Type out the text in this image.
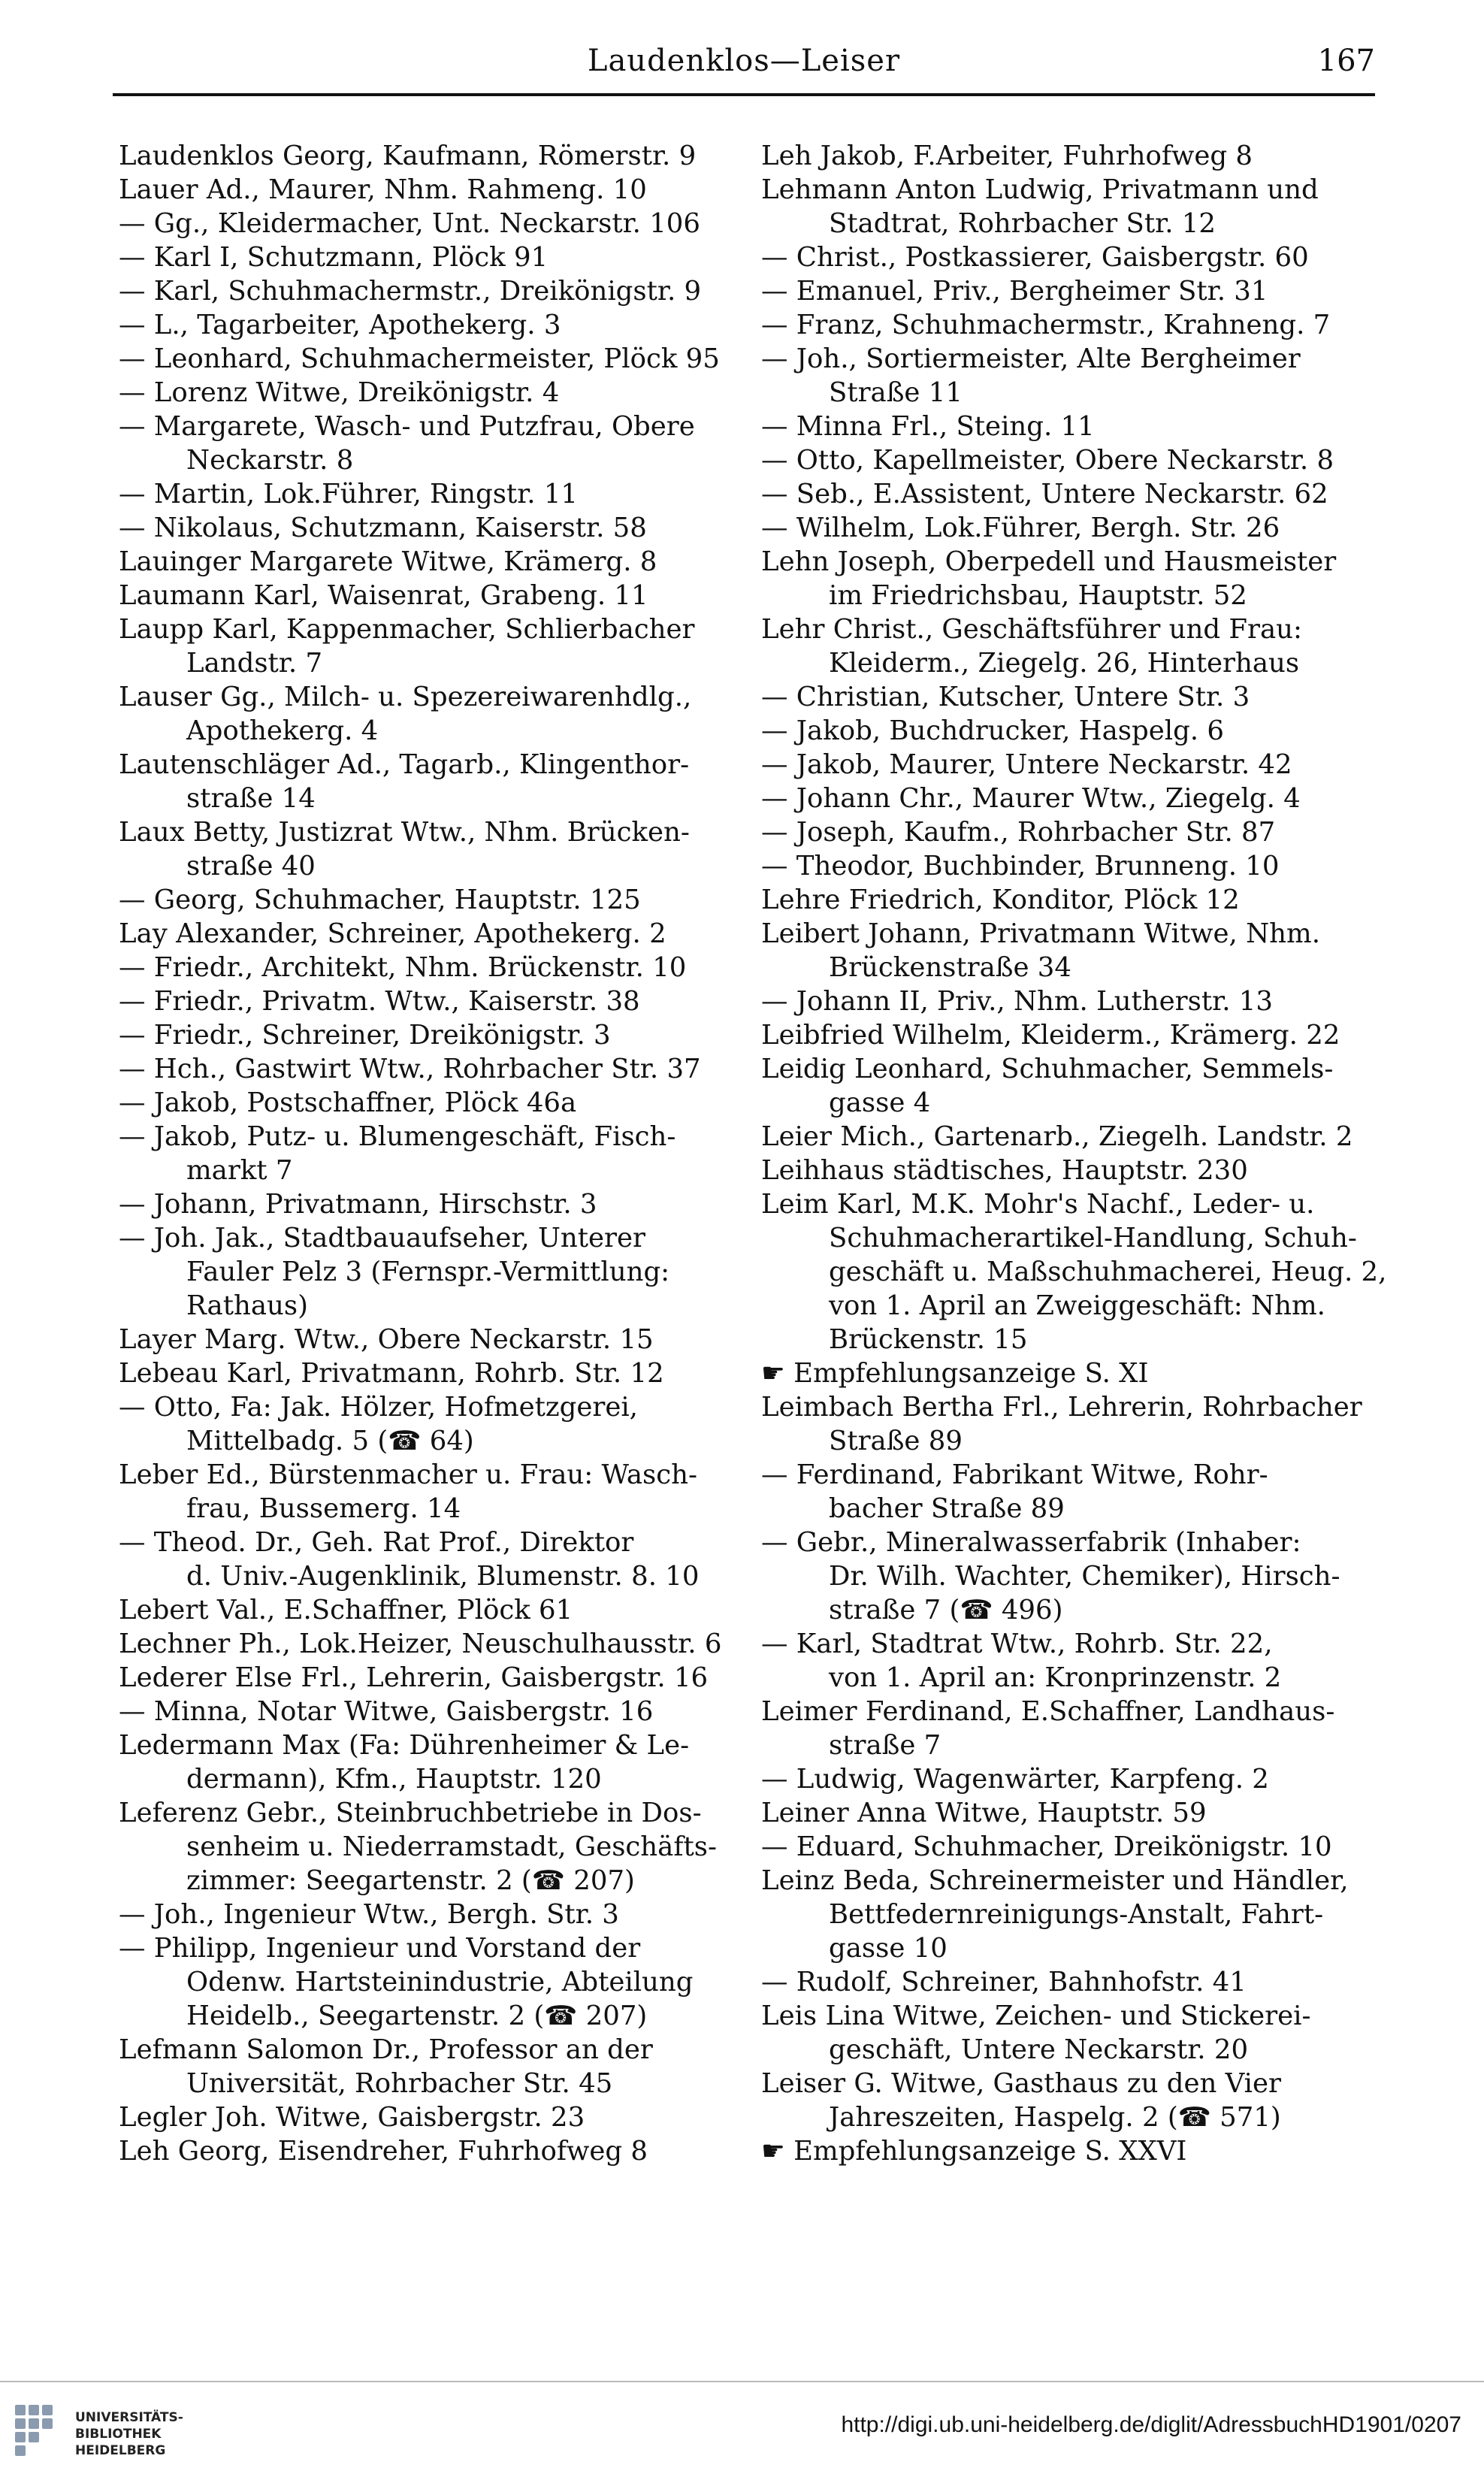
Laudenklos—Leiser	167
Laudenklos Georg, Kaufmann, Römerstr. 9
Lauer Ad., Maurer, Nhm. Rahmeng. 10
— Gg., Kleidermacher, Unt. Neckarstr. 106
— Karl I, Schutzmann, Plöck 91
— Karl, Schuhmachermstr., Dreikönigstr. 9
— L., Tagarbeiter, Apothekerg. 3
— Leonhard, Schuhmachermeister, Plöck 95
— Lorenz Witwe, Dreikönigstr. 4
— Margarete, Wasch- und Putzfrau, Obere
Neckarstr. 8
— Martin, Lok.Führer, Ringstr. 11
— Nikolaus, Schutzmann, Kaiserstr. 58
Lauinger Margarete Witwe, Krämerg. 8
Laumann Karl, Waisenrat, Grabeng. 11
Laupp Karl, Kappenmacher, Schlierbacher
Landstr. 7
Lauser Gg., Milch- u. Spezereiwarenhdlg.,
Apothekerg. 4
Lautenschläger Ad., Tagarb., Klingenthor-
straße 14
Laux Betty, Justizrat Wtw., Nhm. Brücken-
straße 40
— Georg, Schuhmacher, Hauptstr. 125
Lay Alexander, Schreiner, Apothekerg. 2
— Friedr., Architekt, Nhm. Brückenstr. 10
— Friedr., Privatm. Wtw., Kaiserstr. 38
— Friedr., Schreiner, Dreikönigstr. 3
— Hch., Gastwirt Wtw., Rohrbacher Str. 37
— Jakob, Postschaffner, Plöck 46a
— Jakob, Putz- u. Blumengeschäft, Fisch-
markt 7
— Johann, Privatmann, Hirschstr. 3
— Joh. Jak., Stadtbauaufseher, Unterer
Fauler Pelz 3 (Fernspr.-Vermittlung:
Rathaus)
Layer Marg. Wtw., Obere Neckarstr. 15
Lebeau Karl, Privatmann, Rohrb. Str. 12
— Otto, Fa: Jak. Hölzer, Hofmetzgerei,
Mittelbadg. 5 (☎ 64)
Leber Ed., Bürstenmacher u. Frau: Wasch-
frau, Bussemerg. 14
— Theod. Dr., Geh. Rat Prof., Direktor
d. Univ.-Augenklinik, Blumenstr. 8. 10
Lebert Val., E.Schaffner, Plöck 61
Lechner Ph., Lok.Heizer, Neuschulhausstr. 6
Lederer Else Frl., Lehrerin, Gaisbergstr. 16
— Minna, Notar Witwe, Gaisbergstr. 16
Ledermann Max (Fa: Dührenheimer & Le-
dermann), Kfm., Hauptstr. 120
Leferenz Gebr., Steinbruchbetriebe in Dos-
senheim u. Niederramstadt, Geschäfts-
zimmer: Seegartenstr. 2 (☎ 207)
— Joh., Ingenieur Wtw., Bergh. Str. 3
— Philipp, Ingenieur und Vorstand der
Odenw. Hartsteinindustrie, Abteilung
Heidelb., Seegartenstr. 2 (☎ 207)
Lefmann Salomon Dr., Professor an der
Universität, Rohrbacher Str. 45
Legler Joh. Witwe, Gaisbergstr. 23
Leh Georg, Eisendreher, Fuhrhofweg 8
Leh Jakob, F.Arbeiter, Fuhrhofweg 8
Lehmann Anton Ludwig, Privatmann und
Stadtrat, Rohrbacher Str. 12
— Christ., Postkassierer, Gaisbergstr. 60
— Emanuel, Priv., Bergheimer Str. 31
— Franz, Schuhmachermstr., Krahneng. 7
— Joh., Sortiermeister, Alte Bergheimer
Straße 11
— Minna Frl., Steing. 11
— Otto, Kapellmeister, Obere Neckarstr. 8
— Seb., E.Assistent, Untere Neckarstr. 62
— Wilhelm, Lok.Führer, Bergh. Str. 26
Lehn Joseph, Oberpedell und Hausmeister
im Friedrichsbau, Hauptstr. 52
Lehr Christ., Geschäftsführer und Frau:
Kleiderm., Ziegelg. 26, Hinterhaus
— Christian, Kutscher, Untere Str. 3
— Jakob, Buchdrucker, Haspelg. 6
— Jakob, Maurer, Untere Neckarstr. 42
— Johann Chr., Maurer Wtw., Ziegelg. 4
— Joseph, Kaufm., Rohrbacher Str. 87
— Theodor, Buchbinder, Brunneng. 10
Lehre Friedrich, Konditor, Plöck 12
Leibert Johann, Privatmann Witwe, Nhm.
Brückenstraße 34
— Johann II, Priv., Nhm. Lutherstr. 13
Leibfried Wilhelm, Kleiderm., Krämerg. 22
Leidig Leonhard, Schuhmacher, Semmels-
gasse 4
Leier Mich., Gartenarb., Ziegelh. Landstr. 2
Leihhaus städtisches, Hauptstr. 230
Leim Karl, M.K. Mohr's Nachf., Leder- u.
Schuhmacherartikel-Handlung, Schuh-
geschäft u. Maßschuhmacherei, Heug. 2,
von 1. April an Zweiggeschäft: Nhm.
Brückenstr. 15
☛ Empfehlungsanzeige S. XI
Leimbach Bertha Frl., Lehrerin, Rohrbacher
Straße 89
— Ferdinand, Fabrikant Witwe, Rohr-
bacher Straße 89
— Gebr., Mineralwasserfabrik (Inhaber:
Dr. Wilh. Wachter, Chemiker), Hirsch-
straße 7 (☎ 496)
— Karl, Stadtrat Wtw., Rohrb. Str. 22,
von 1. April an: Kronprinzenstr. 2
Leimer Ferdinand, E.Schaffner, Landhaus-
straße 7
— Ludwig, Wagenwärter, Karpfeng. 2
Leiner Anna Witwe, Hauptstr. 59
— Eduard, Schuhmacher, Dreikönigstr. 10
Leinz Beda, Schreinermeister und Händler,
Bettfedernreinigungs-Anstalt, Fahrt-
gasse 10
— Rudolf, Schreiner, Bahnhofstr. 41
Leis Lina Witwe, Zeichen- und Stickerei-
geschäft, Untere Neckarstr. 20
Leiser G. Witwe, Gasthaus zu den Vier
Jahreszeiten, Haspelg. 2 (☎ 571)
☛ Empfehlungsanzeige S. XXVI
UNIVERSITÄTS-
BIBLIOTHEK
HEIDELBERG
http://digi.ub.uni-heidelberg.de/diglit/AdressbuchHD1901/0207
